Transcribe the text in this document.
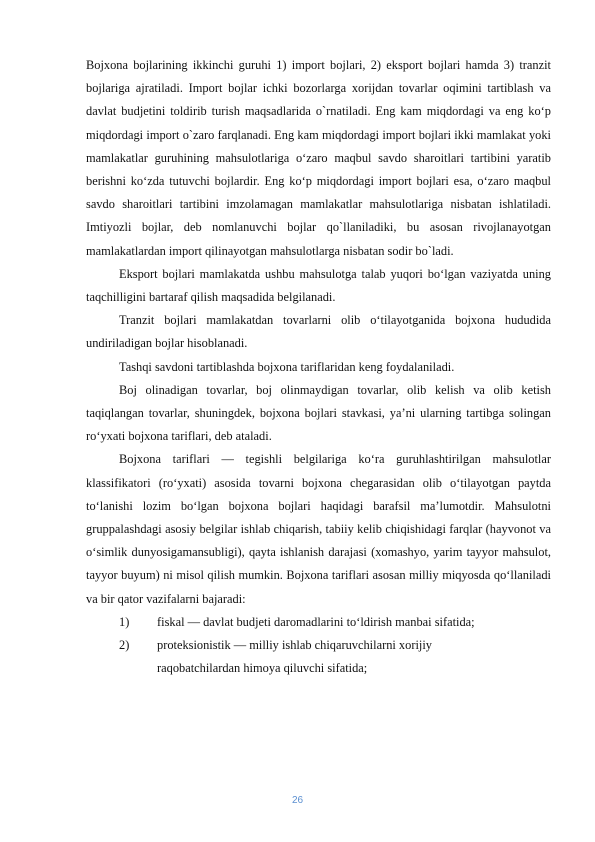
Bojxona bojlarining ikkinchi guruhi 1) import bojlari, 2) eksport bojlari hamda 3) tranzit bojlariga ajratiladi. Import bojlar ichki bozorlarga xorijdan tovarlar oqimini tartiblash va davlat budjetini toldirib turish maqsadlarida o`rnatiladi. Eng kam miqdordagi va eng ko‘p miqdordagi import o`zaro farqlanadi. Eng kam miqdordagi import bojlari ikki mamlakat yoki mamlakatlar guruhining mahsulotlariga o‘zaro maqbul savdo sharoitlari tartibini yaratib berishni ko‘zda tutuvchi bojlardir. Eng ko‘p miqdordagi import bojlari esa, o‘zaro maqbul savdo sharoitlari tartibini imzolamagan mamlakatlar mahsulotlariga nisbatan ishlatiladi. Imtiyozli bojlar, deb nomlanuvchi bojlar qo`llaniladiki, bu asosan rivojlanayotgan mamlakatlardan import qilinayotgan mahsulotlarga nisbatan sodir bo`ladi.

Eksport bojlari mamlakatda ushbu mahsulotga talab yuqori bo‘lgan vaziyatda uning taqchilligini bartaraf qilish maqsadida belgilanadi.

Tranzit bojlari mamlakatdan tovarlarni olib o‘tilayotganida bojxona hududida undiriladigan bojlar hisoblanadi.

Tashqi savdoni tartiblashda bojxona tariflaridan keng foydalaniladi.

Boj olinadigan tovarlar, boj olinmaydigan tovarlar, olib kelish va olib ketish taqiqlangan tovarlar, shuningdek, bojxona bojlari stavkasi, ya’ni ularning tartibga solingan ro‘yxati bojxona tariflari, deb ataladi.

Bojxona tariflari — tegishli belgilariga ko‘ra guruhlashtirilgan mahsulotlar klassifikatori (ro‘yxati) asosida tovarni bojxona chegarasidan olib o‘tilayotgan paytda to‘lanishi lozim bo‘lgan bojxona bojlari haqidagi barafsil ma’lumotdir. Mahsulotni gruppalashdagi asosiy belgilar ishlab chiqarish, tabiiy kelib chiqishidagi farqlar (hayvonot va o‘simlik dunyosigamansubligi), qayta ishlanish darajasi (xomashyo, yarim tayyor mahsulot, tayyor buyum) ni misol qilish mumkin. Bojxona tariflari asosan milliy miqyosda qo‘llaniladi va bir qator vazifalarni bajaradi:

1) fiskal — davlat budjeti daromadlarini to‘ldirish manbai sifatida;
2) proteksionistik — milliy ishlab chiqaruvchilarni xorijiy
raqobatchilardan himoya qiluvchi sifatida;
26
